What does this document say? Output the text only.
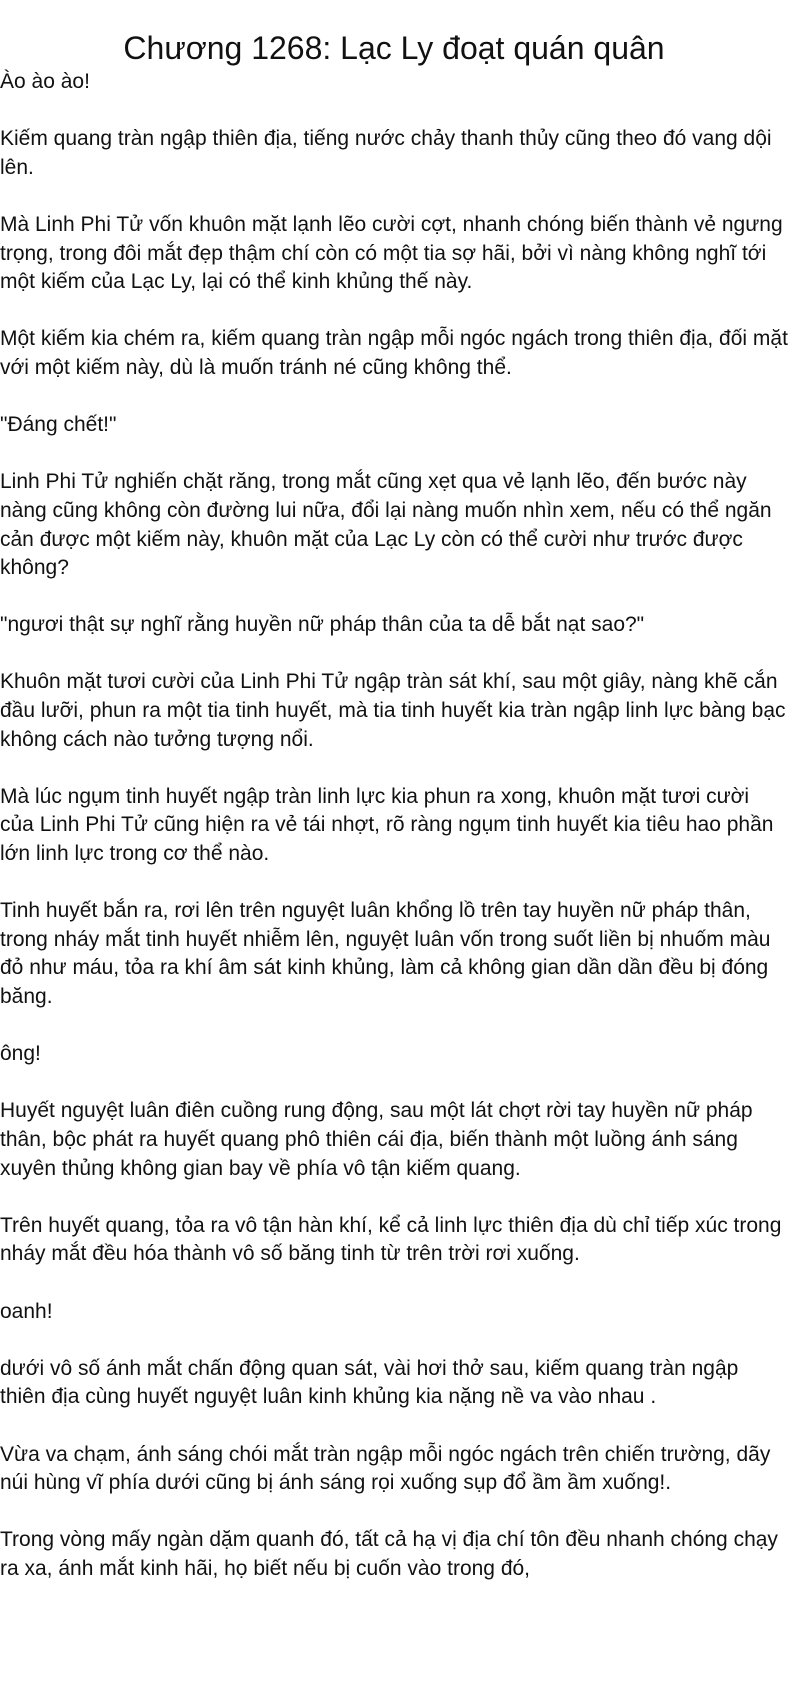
Chương 1268: Lạc Ly đoạt quán quân

Ào ào ào!

Kiếm quang tràn ngập thiên địa, tiếng nước chảy thanh thủy cũng theo đó vang dội lên.

Mà Linh Phi Tử vốn khuôn mặt lạnh lẽo cười cợt, nhanh chóng biến thành vẻ ngưng trọng, trong đôi mắt đẹp thậm chí còn có một tia sợ hãi, bởi vì nàng không nghĩ tới một kiếm của Lạc Ly, lại có thể kinh khủng thế này.

Một kiếm kia chém ra, kiếm quang tràn ngập mỗi ngóc ngách trong thiên địa, đối mặt với một kiếm này, dù là muốn tránh né cũng không thể.

"Đáng chết!"

Linh Phi Tử nghiến chặt răng, trong mắt cũng xẹt qua vẻ lạnh lẽo, đến bước này nàng cũng không còn đường lui nữa, đổi lại nàng muốn nhìn xem, nếu có thể ngăn cản được một kiếm này, khuôn mặt của Lạc Ly còn có thể cười như trước được không?

"ngươi thật sự nghĩ rằng huyền nữ pháp thân của ta dễ bắt nạt sao?"

Khuôn mặt tươi cười của Linh Phi Tử ngập tràn sát khí, sau một giây, nàng khẽ cắn đầu lưỡi, phun ra một tia tinh huyết, mà tia tinh huyết kia tràn ngập linh lực bàng bạc không cách nào tưởng tượng nổi.

Mà lúc ngụm tinh huyết ngập tràn linh lực kia phun ra xong, khuôn mặt tươi cười của Linh Phi Tử cũng hiện ra vẻ tái nhợt, rõ ràng ngụm tinh huyết kia tiêu hao phần lớn linh lực trong cơ thể nào.

Tinh huyết bắn ra, rơi lên trên nguyệt luân khổng lồ trên tay huyền nữ pháp thân, trong nháy mắt tinh huyết nhiễm lên, nguyệt luân vốn trong suốt liền bị nhuốm màu đỏ như máu, tỏa ra khí âm sát kinh khủng, làm cả không gian dần dần đều bị đóng băng.

ông!

Huyết nguyệt luân điên cuồng rung động, sau một lát chợt rời tay huyền nữ pháp thân, bộc phát ra huyết quang phô thiên cái địa, biến thành một luồng ánh sáng xuyên thủng không gian bay về phía vô tận kiếm quang.

Trên huyết quang, tỏa ra vô tận hàn khí, kể cả linh lực thiên địa dù chỉ tiếp xúc trong nháy mắt đều hóa thành vô số băng tinh từ trên trời rơi xuống.

oanh!

dưới vô số ánh mắt chấn động quan sát, vài hơi thở sau, kiếm quang tràn ngập thiên địa cùng huyết nguyệt luân kinh khủng kia nặng nề va vào nhau .

Vừa va chạm, ánh sáng chói mắt tràn ngập mỗi ngóc ngách trên chiến trường, dãy núi hùng vĩ phía dưới cũng bị ánh sáng rọi xuống sụp đổ ầm ầm xuống!.

Trong vòng mấy ngàn dặm quanh đó, tất cả hạ vị địa chí tôn đều nhanh chóng chạy ra xa, ánh mắt kinh hãi, họ biết nếu bị cuốn vào trong đó,
